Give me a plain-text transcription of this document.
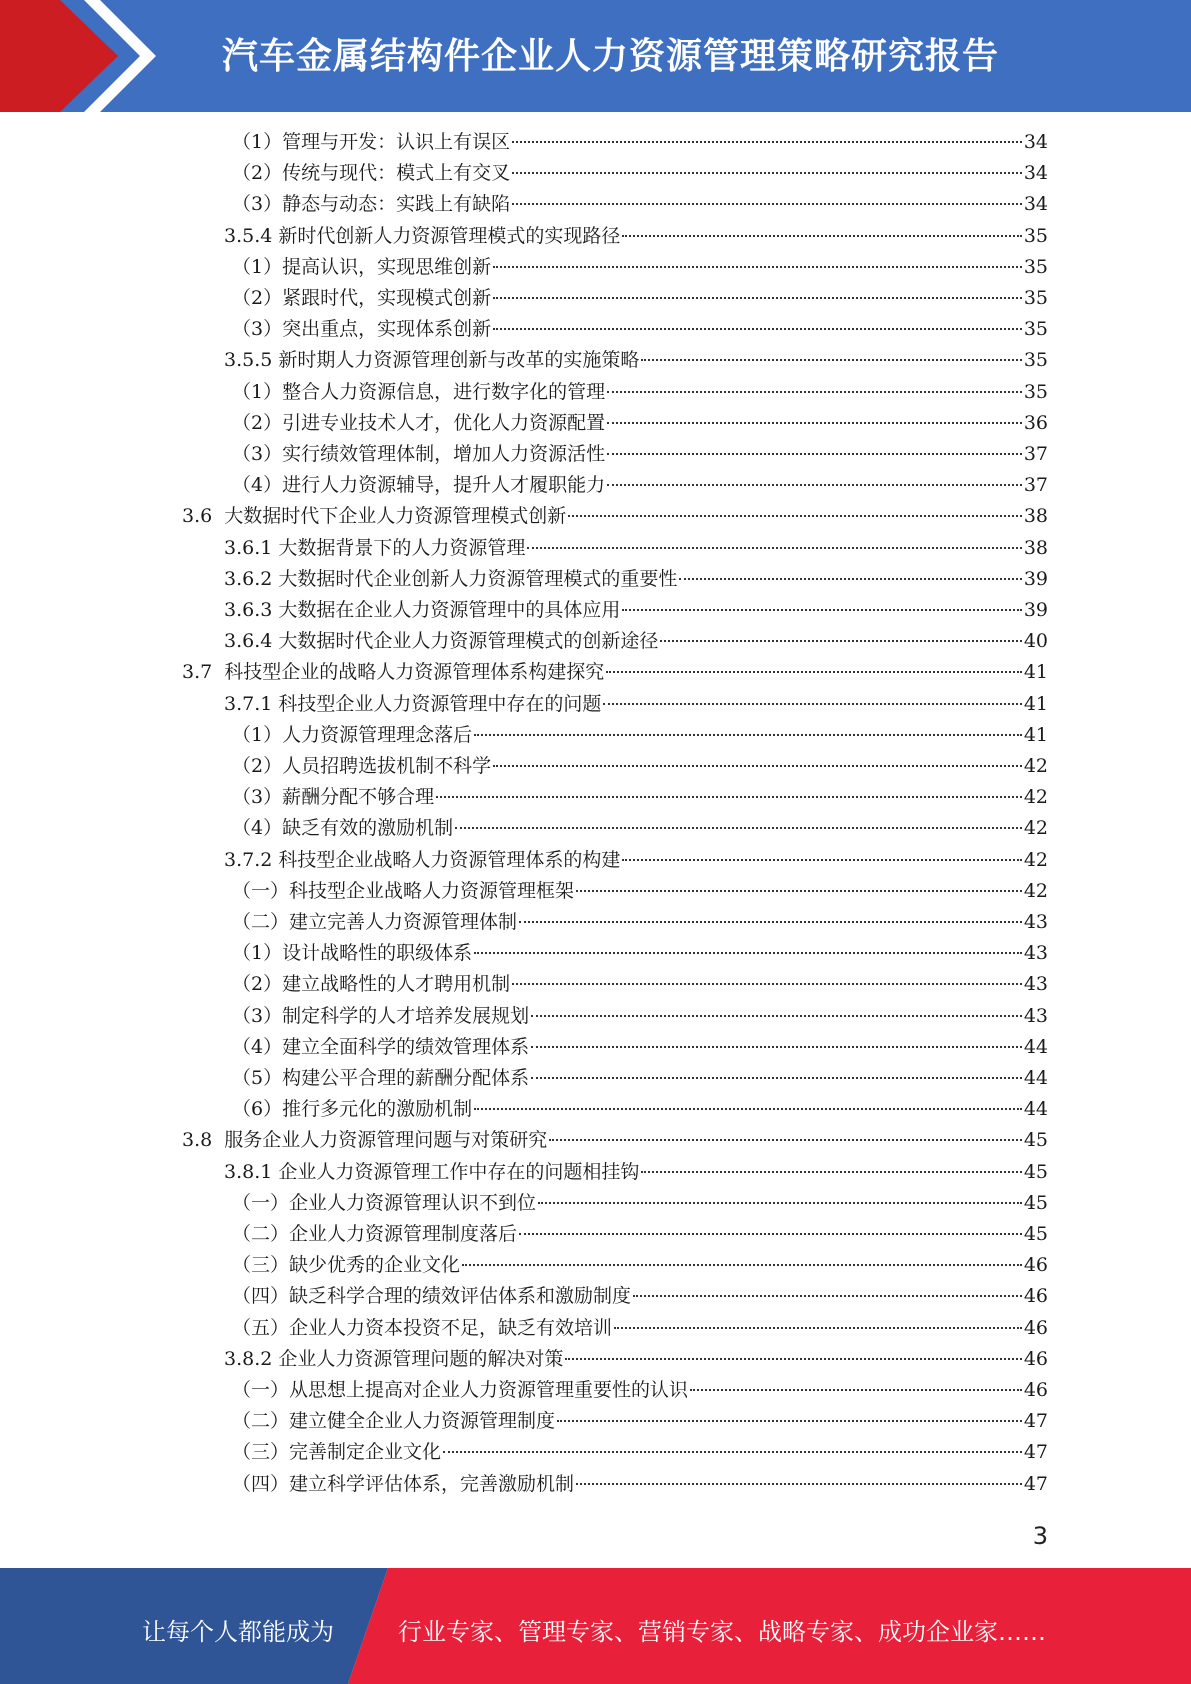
汽车金属结构件企业人力资源管理策略研究报告
（1） 管理与开发：认识上有误区	34
（2） 传统与现代：模式上有交叉	34
（3） 静态与动态：实践上有缺陷	34
3.5.4 新时代创新人力资源管理模式的实现路径	35
（1） 提高认识，实现思维创新	35
（2） 紧跟时代，实现模式创新	35
（3） 突出重点，实现体系创新	35
3.5.5 新时期人力资源管理创新与改革的实施策略	35
（1） 整合人力资源信息，进行数字化的管理	35
（2） 引进专业技术人才，优化人力资源配置	36
（3） 实行绩效管理体制，增加人力资源活性	37
（4） 进行人力资源辅导，提升人才履职能力	37
3.6 大数据时代下企业人力资源管理模式创新	38
3.6.1 大数据背景下的人力资源管理	38
3.6.2 大数据时代企业创新人力资源管理模式的重要性	39
3.6.3 大数据在企业人力资源管理中的具体应用	39
3.6.4 大数据时代企业人力资源管理模式的创新途径	40
3.7 科技型企业的战略人力资源管理体系构建探究	41
3.7.1 科技型企业人力资源管理中存在的问题	41
（1） 人力资源管理理念落后	41
（2） 人员招聘选拔机制不科学	42
（3） 薪酬分配不够合理	42
（4） 缺乏有效的激励机制	42
3.7.2 科技型企业战略人力资源管理体系的构建	42
（一） 科技型企业战略人力资源管理框架	42
（二） 建立完善人力资源管理体制	43
（1） 设计战略性的职级体系	43
（2） 建立战略性的人才聘用机制	43
（3） 制定科学的人才培养发展规划	43
（4） 建立全面科学的绩效管理体系	44
（5） 构建公平合理的薪酬分配体系	44
（6） 推行多元化的激励机制	44
3.8 服务企业人力资源管理问题与对策研究	45
3.8.1 企业人力资源管理工作中存在的问题相挂钩	45
（一） 企业人力资源管理认识不到位	45
（二） 企业人力资源管理制度落后	45
（三） 缺少优秀的企业文化	46
（四） 缺乏科学合理的绩效评估体系和激励制度	46
（五） 企业人力资本投资不足，缺乏有效培训	46
3.8.2 企业人力资源管理问题的解决对策	46
（一） 从思想上提高对企业人力资源管理重要性的认识	46
（二） 建立健全企业人力资源管理制度	47
（三） 完善制定企业文化	47
（四） 建立科学评估体系，完善激励机制	47
3
让每个人都能成为	行业专家、管理专家、营销专家、战略专家、成功企业家……
